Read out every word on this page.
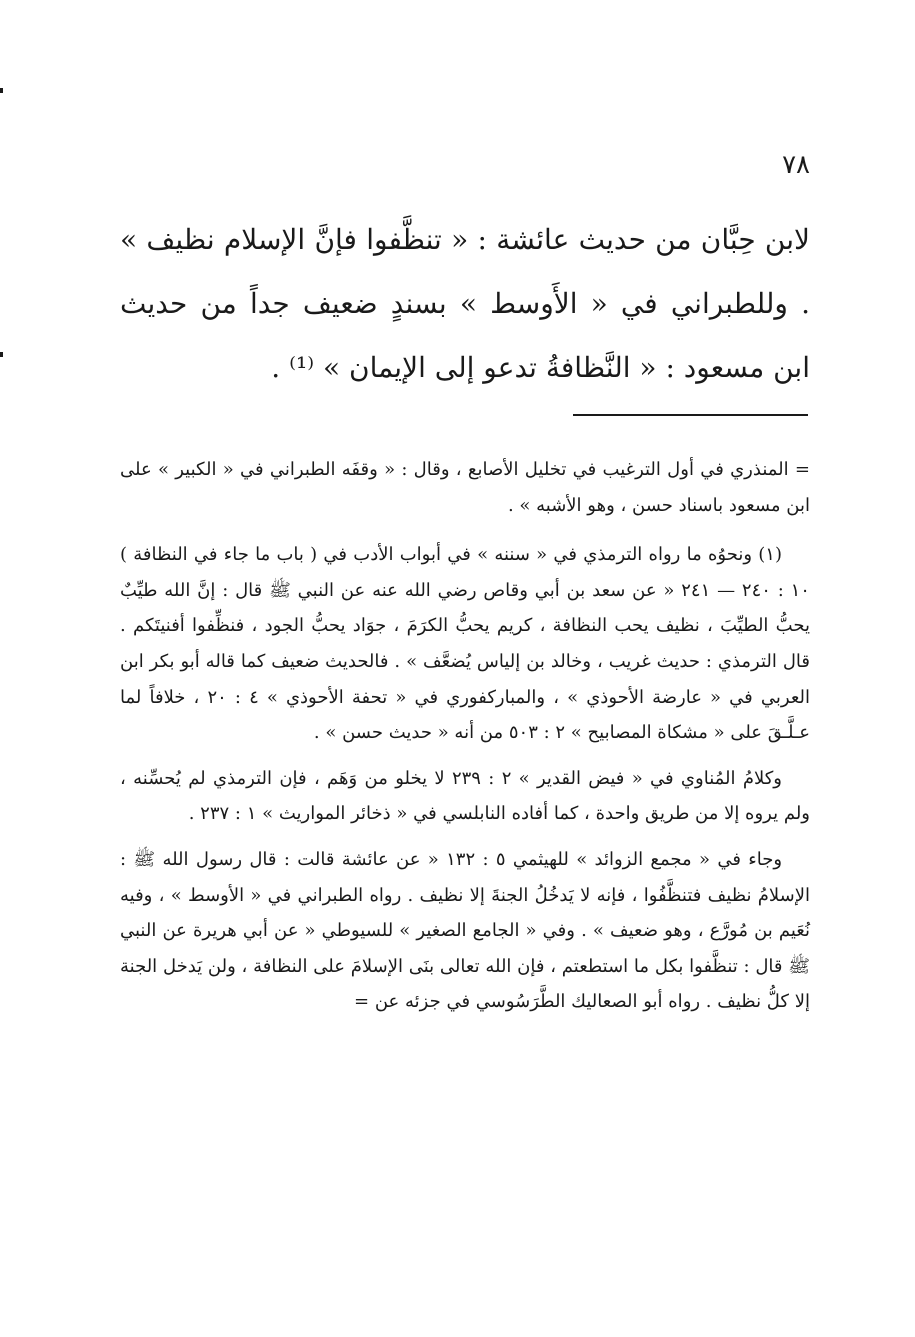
٧٨

لابن حِبَّان من حديث عائشة : « تنظَّفوا فإنَّ الإسلام نظيف » . وللطبراني في « الأَوسط » بسندٍ ضعيف جداً من حديث ابن مسعود : « النَّظافةُ تدعو إلى الإيمان » ⁽¹⁾ .

= المنذري في أول الترغيب في تخليل الأصابع ، وقال : « وقفَه الطبراني في « الكبير » على ابن مسعود باسناد حسن ، وهو الأشبه » .

(١) ونحوُه ما رواه الترمذي في « سننه » في أبواب الأدب في ( باب ما جاء في النظافة ) ١٠ : ٢٤٠ — ٢٤١ « عن سعد بن أبي وقاص رضي الله عنه عن النبي ﷺ قال : إنَّ الله طيِّبٌ يحبُّ الطيِّبَ ، نظيف يحب النظافة ، كريم يحبُّ الكرَمَ ، جوَاد يحبُّ الجود ، فنظِّفوا أفنيتَكم . قال الترمذي : حديث غريب ، وخالد بن إلياس يُضعَّف » . فالحديث ضعيف كما قاله أبو بكر ابن العربي في « عارضة الأحوذي » ، والمباركفوري في « تحفة الأحوذي » ٤ : ٢٠ ، خلافاً لما عـلَّـقَ على « مشكاة المصابيح » ٢ : ٥٠٣ من أنه « حديث حسن » .

وكلامُ المُناوي في « فيض القدير » ٢ : ٢٣٩ لا يخلو من وَهَم ، فإن الترمذي لم يُحسِّنه ، ولم يروه إلا من طريق واحدة ، كما أفاده النابلسي في « ذخائر المواريث » ١ : ٢٣٧ .

وجاء في « مجمع الزوائد » للهيثمي ٥ : ١٣٢ « عن عائشة قالت : قال رسول الله ﷺ : الإسلامُ نظيف فتنظَّفُوا ، فإنه لا يَدخُلُ الجنةَ إلا نظيف . رواه الطبراني في « الأوسط » ، وفيه نُعَيم بن مُورَّع ، وهو ضعيف » . وفي « الجامع الصغير » للسيوطي « عن أبي هريرة عن النبي ﷺ قال : تنظَّفوا بكل ما استطعتم ، فإن الله تعالى بنَى الإسلامَ على النظافة ، ولن يَدخل الجنة إلا كلُّ نظيف . رواه أبو الصعاليك الطَّرَسُوسي في جزئه عن =
